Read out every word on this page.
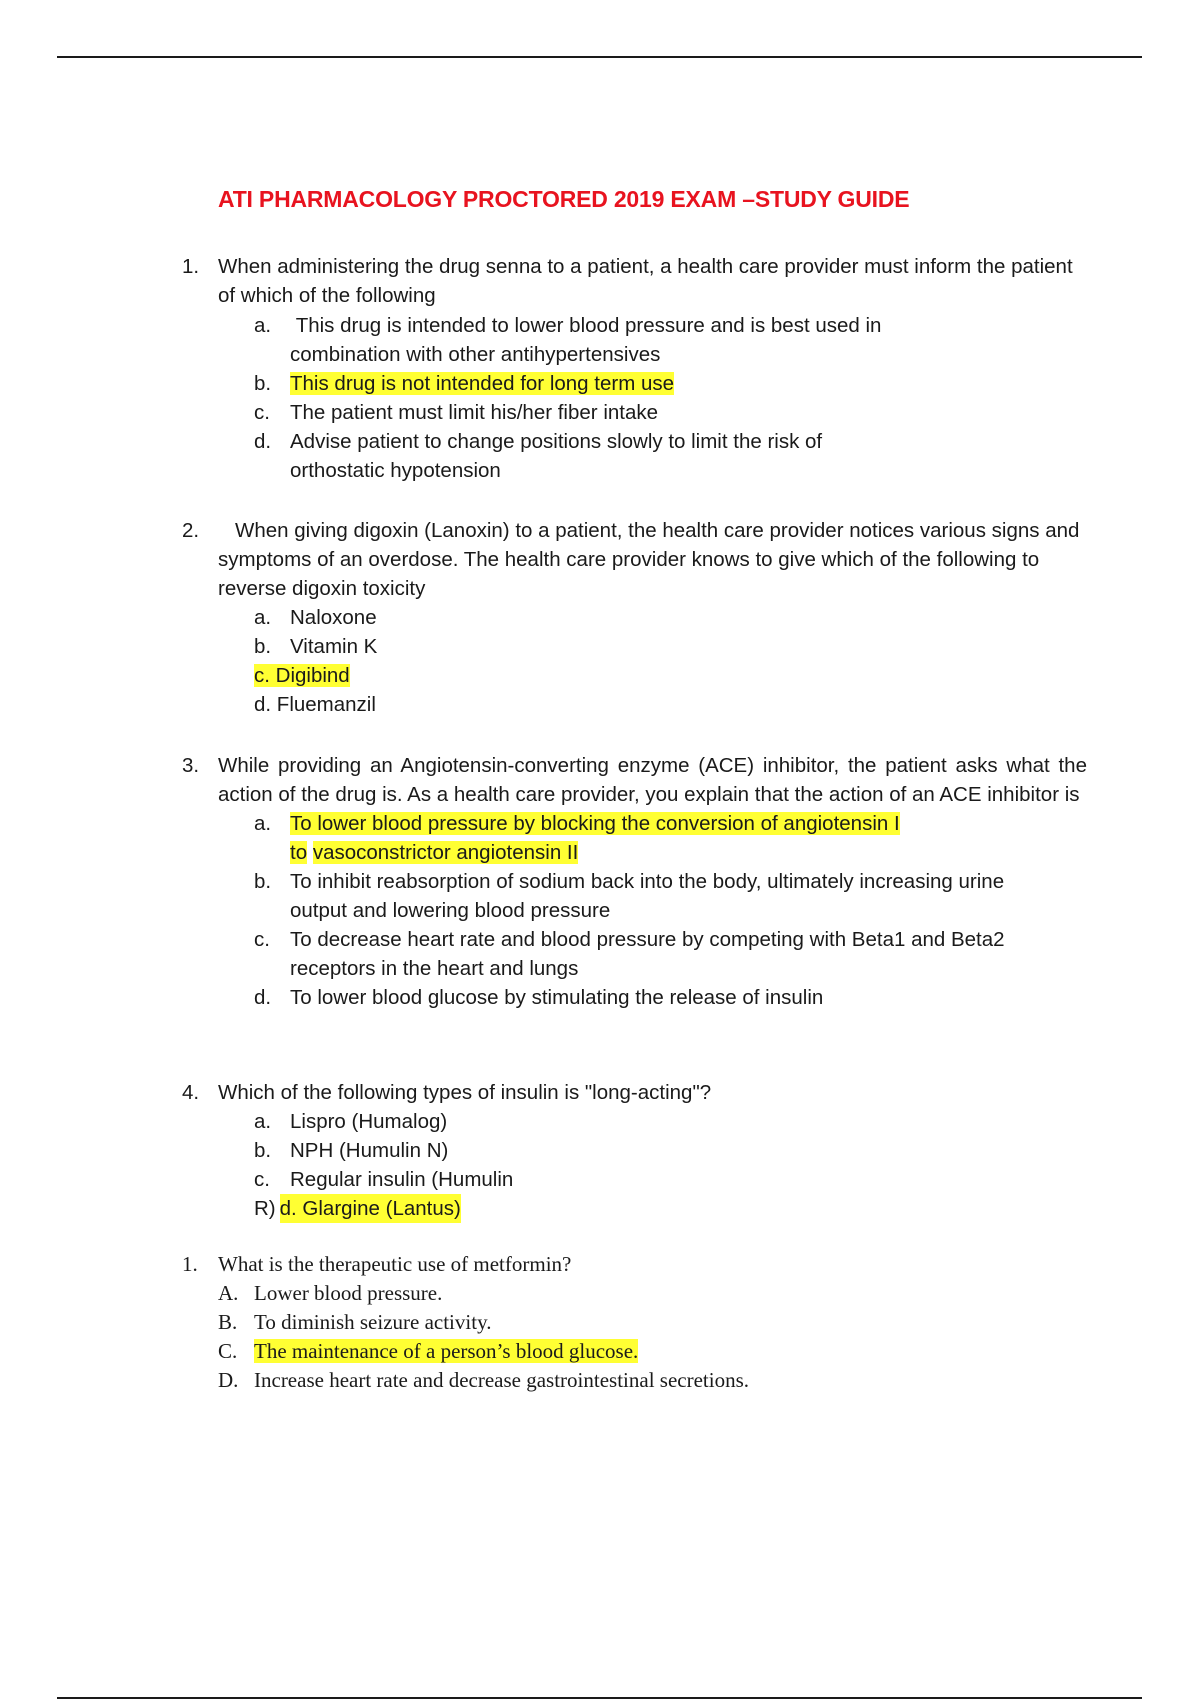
ATI PHARMACOLOGY PROCTORED 2019 EXAM –STUDY GUIDE
1. When administering the drug senna to a patient, a health care provider must inform the patient of which of the following
a. This drug is intended to lower blood pressure and is best used in combination with other antihypertensives
b. This drug is not intended for long term use
c. The patient must limit his/her fiber intake
d. Advise patient to change positions slowly to limit the risk of orthostatic hypotension
2.	When giving digoxin (Lanoxin) to a patient, the health care provider notices various signs and symptoms of an overdose. The health care provider knows to give which of the following to reverse digoxin toxicity
a. Naloxone
b. Vitamin K
c. Digibind
d. Fluemanzil
3. While providing an Angiotensin-converting enzyme (ACE) inhibitor, the patient asks what the action of the drug is. As a health care provider, you explain that the action of an ACE inhibitor is
a. To lower blood pressure by blocking the conversion of angiotensin I
to vasoconstrictor angiotensin II
b. To inhibit reabsorption of sodium back into the body, ultimately increasing urine output and lowering blood pressure
c. To decrease heart rate and blood pressure by competing with Beta1 and Beta2 receptors in the heart and lungs
d. To lower blood glucose by stimulating the release of insulin
4. Which of the following types of insulin is "long-acting"?
a. Lispro (Humalog)
b. NPH (Humulin N)
c. Regular insulin (Humulin
R) d. Glargine (Lantus)
1. What is the therapeutic use of metformin?
A. Lower blood pressure.
B. To diminish seizure activity.
C. The maintenance of a person’s blood glucose.
D. Increase heart rate and decrease gastrointestinal secretions.
